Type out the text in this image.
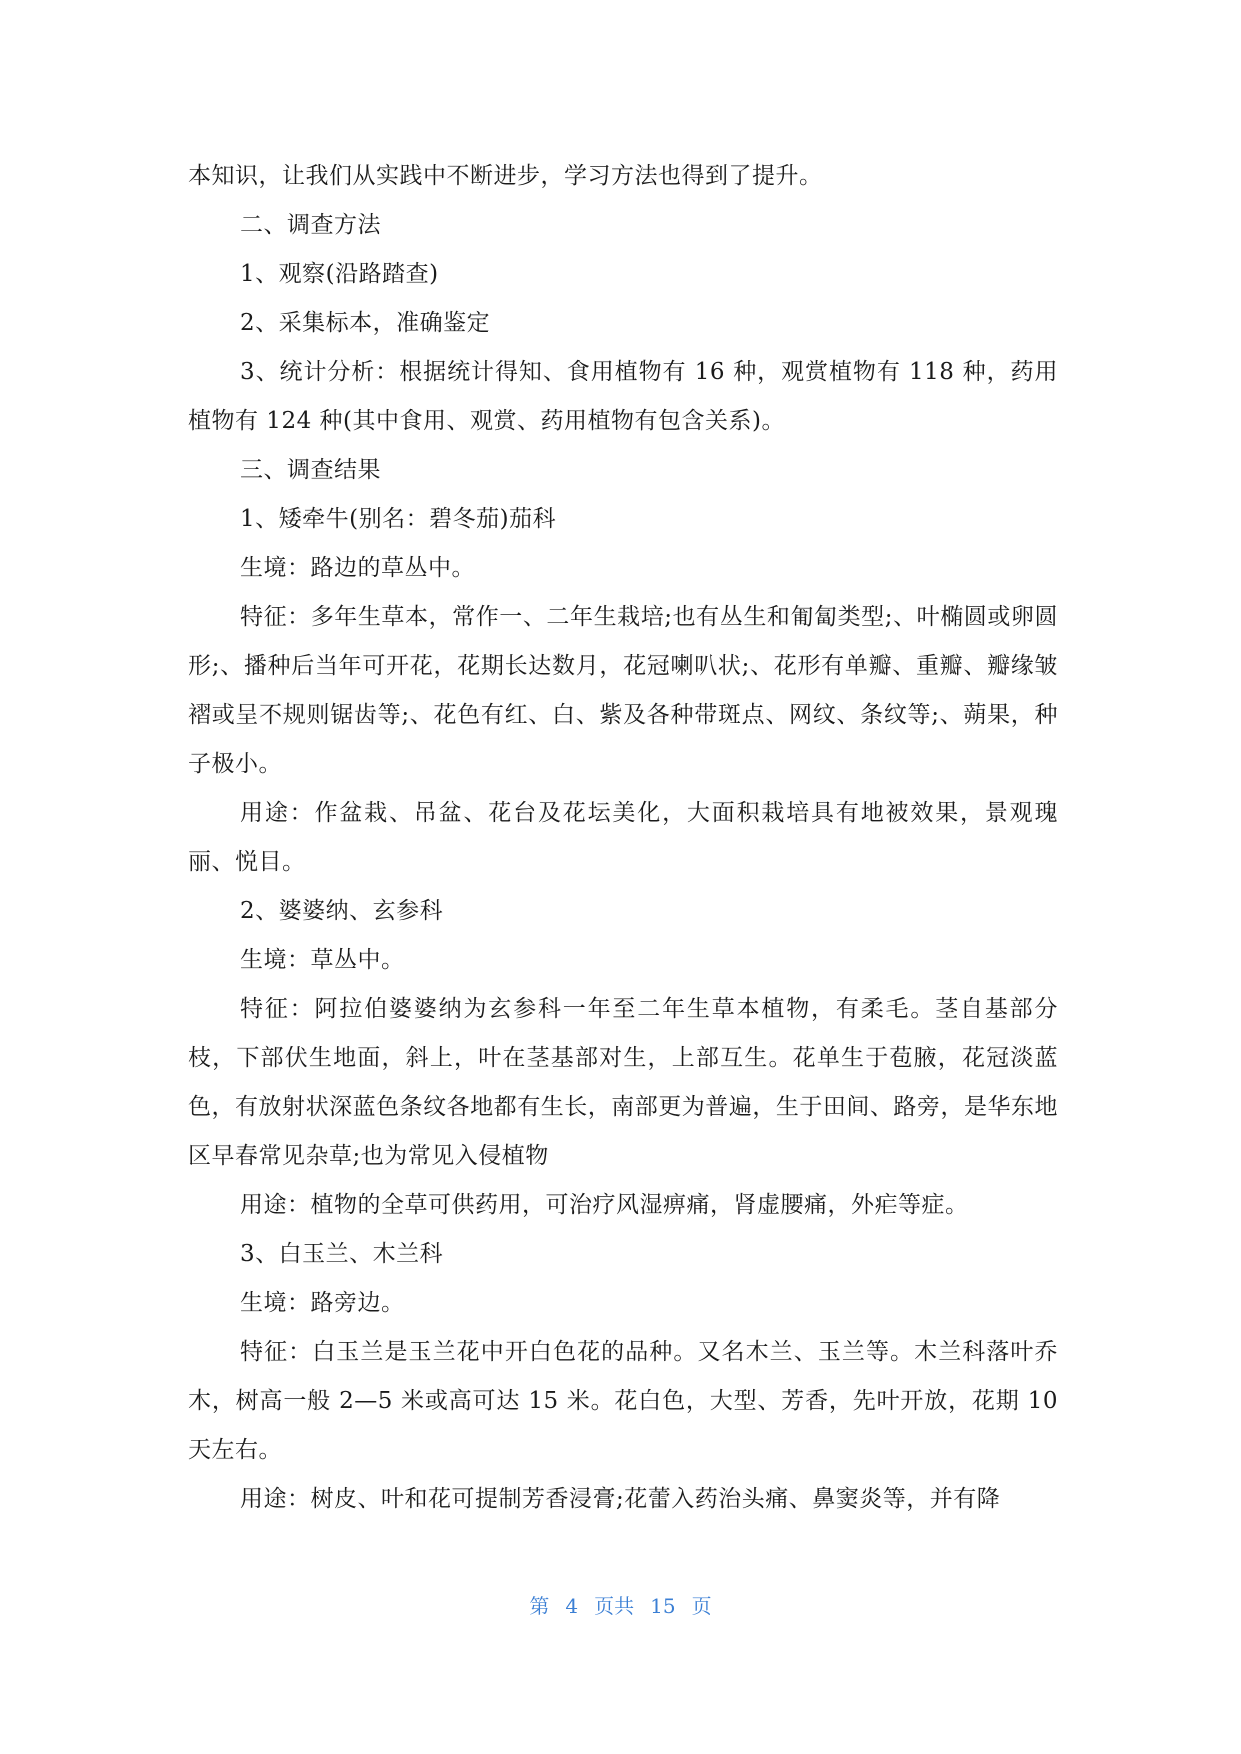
本知识，让我们从实践中不断进步，学习方法也得到了提升。

二、调查方法

1、观察(沿路踏查)

2、采集标本，准确鉴定

3、统计分析：根据统计得知、食用植物有 16 种，观赏植物有 118 种，药用植物有 124 种(其中食用、观赏、药用植物有包含关系)。

三、调查结果

1、矮牵牛(别名：碧冬茄)茄科

生境：路边的草丛中。

特征：多年生草本，常作一、二年生栽培;也有丛生和匍匐类型;、叶椭圆或卵圆形;、播种后当年可开花，花期长达数月，花冠喇叭状;、花形有单瓣、重瓣、瓣缘皱褶或呈不规则锯齿等;、花色有红、白、紫及各种带斑点、网纹、条纹等;、蒴果，种子极小。

用途：作盆栽、吊盆、花台及花坛美化，大面积栽培具有地被效果，景观瑰丽、悦目。

2、婆婆纳、玄参科

生境：草丛中。

特征：阿拉伯婆婆纳为玄参科一年至二年生草本植物，有柔毛。茎自基部分枝，下部伏生地面，斜上，叶在茎基部对生，上部互生。花单生于苞腋，花冠淡蓝色，有放射状深蓝色条纹各地都有生长，南部更为普遍，生于田间、路旁，是华东地区早春常见杂草;也为常见入侵植物

用途：植物的全草可供药用，可治疗风湿痹痛，肾虚腰痛，外疟等症。

3、白玉兰、木兰科

生境：路旁边。

特征：白玉兰是玉兰花中开白色花的品种。又名木兰、玉兰等。木兰科落叶乔木，树高一般 2—5 米或高可达 15 米。花白色，大型、芳香，先叶开放，花期 10 天左右。

用途：树皮、叶和花可提制芳香浸膏;花蕾入药治头痛、鼻窦炎等，并有降

第 4 页共 15 页
